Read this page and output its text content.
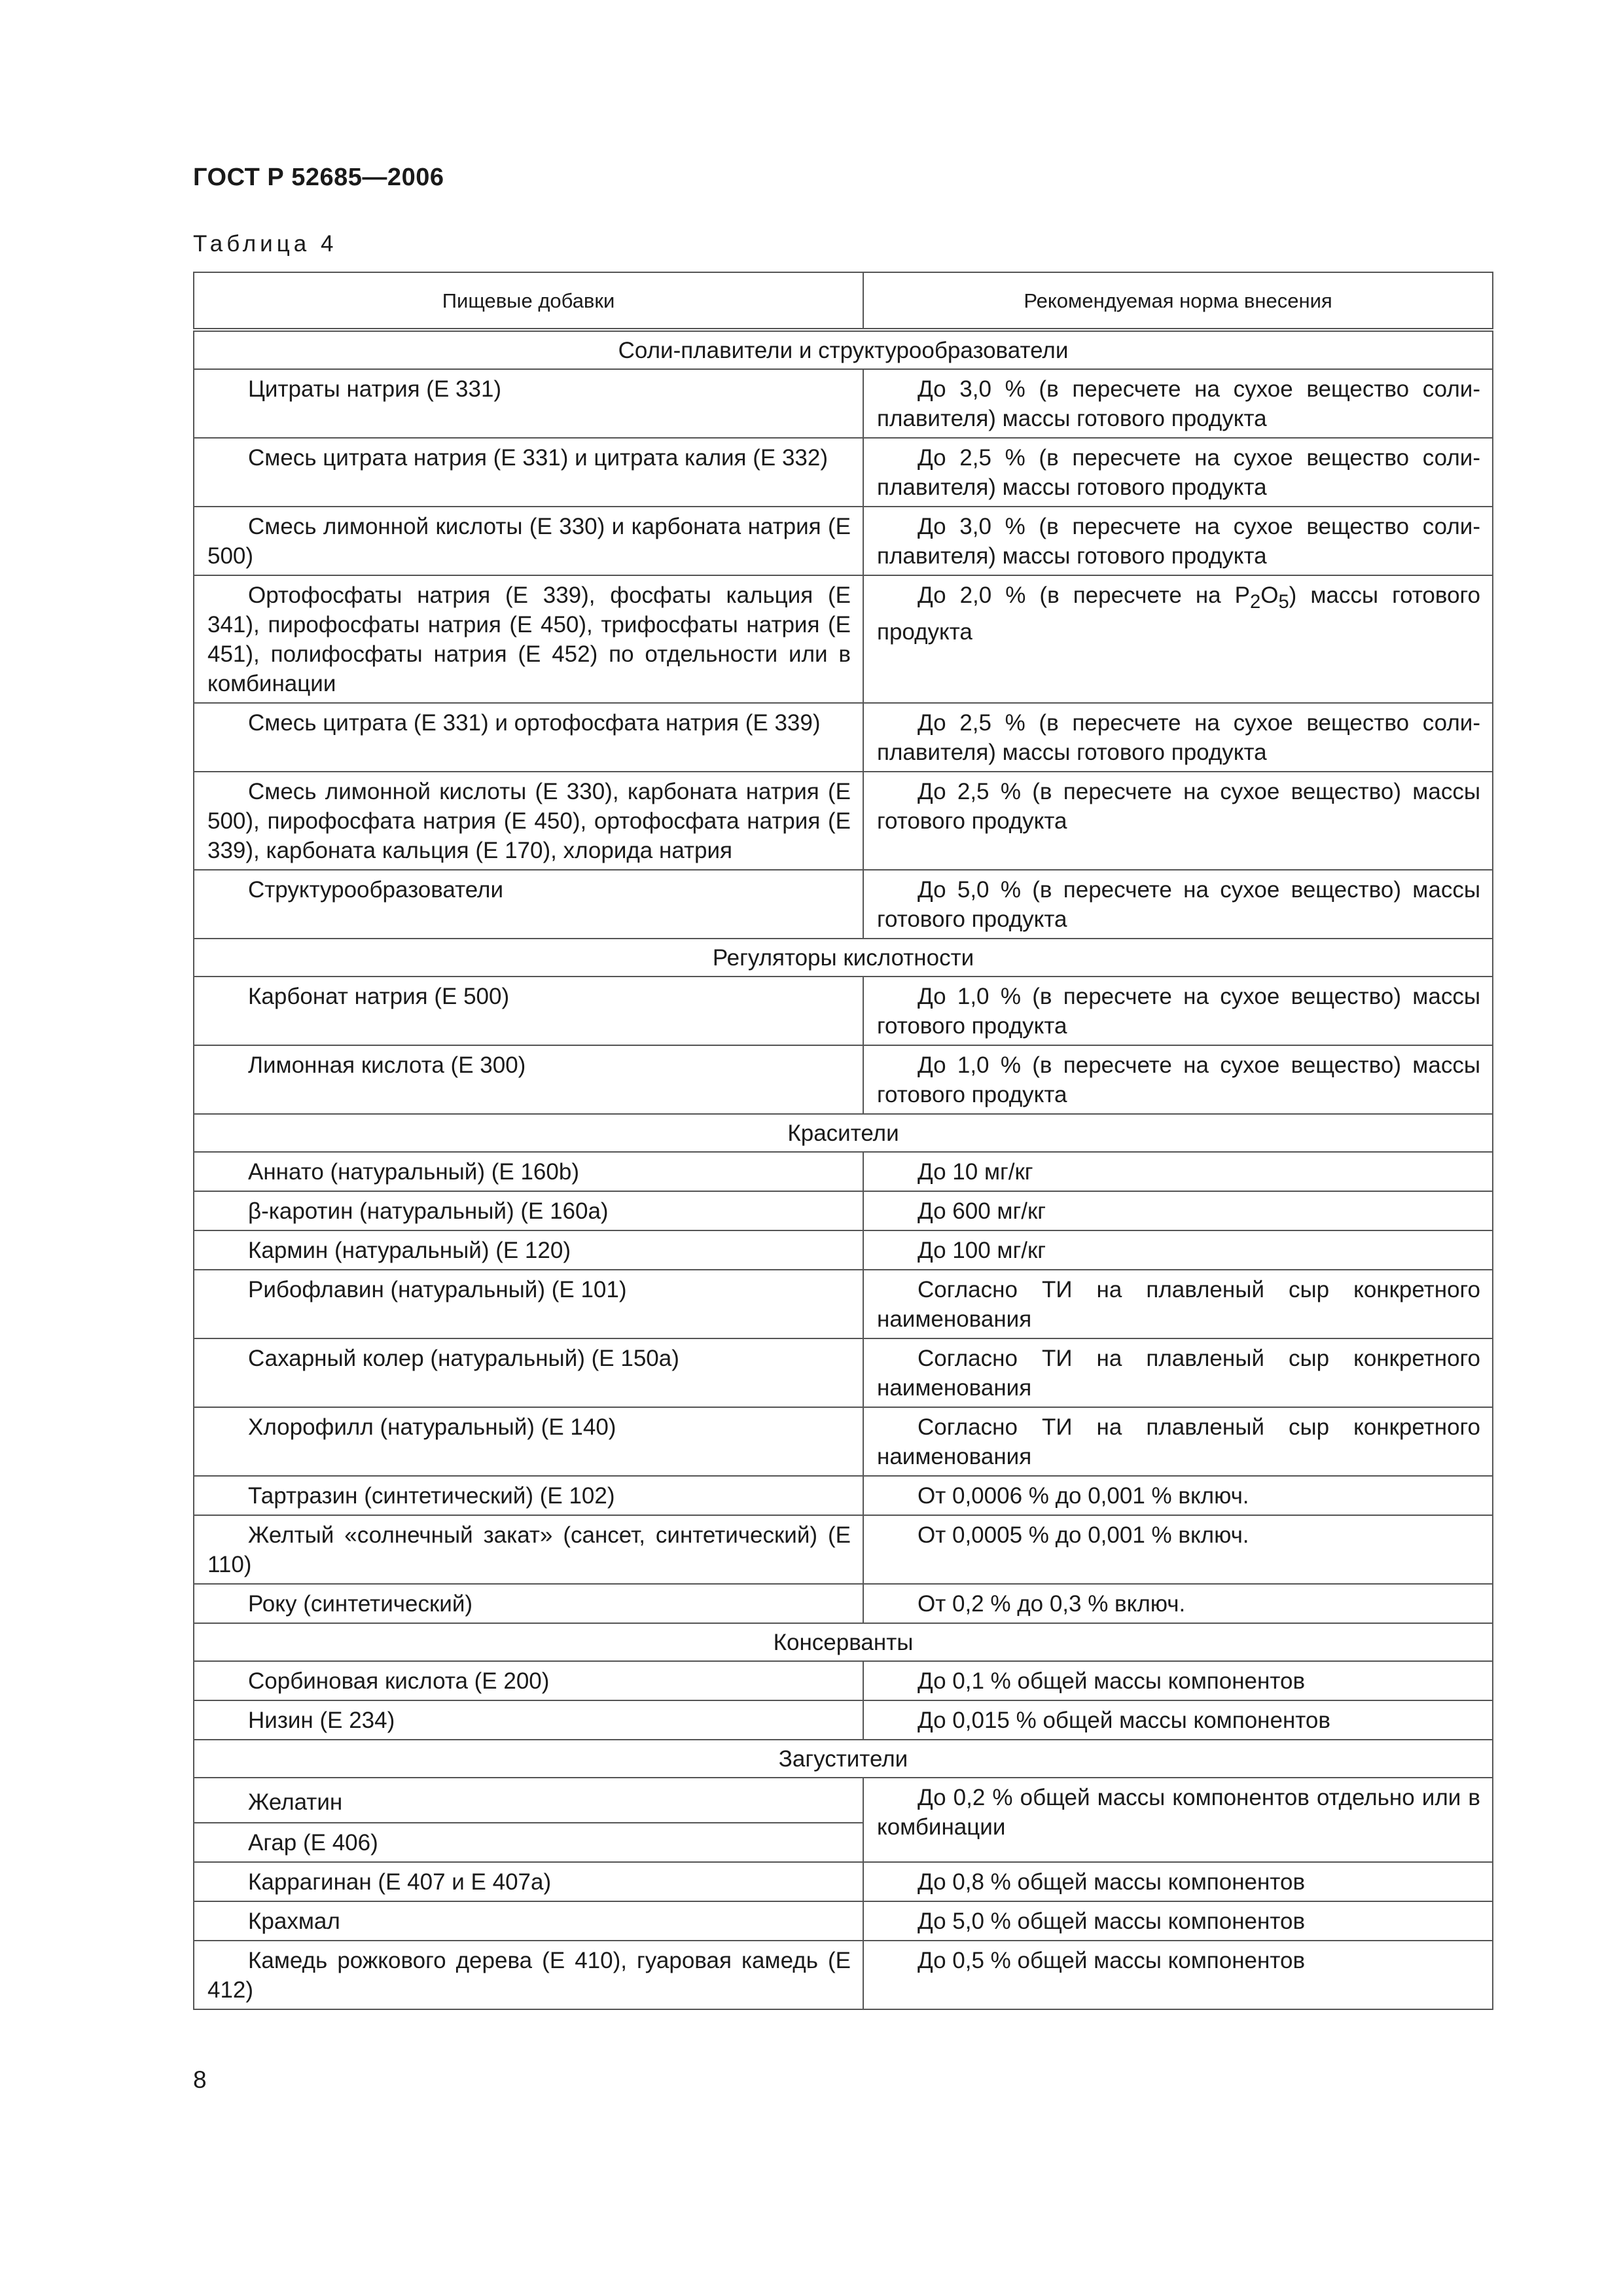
ГОСТ Р 52685—2006
Таблица 4
Пищевые добавки	Рекомендуемая норма внесения
Соли-плавители и структурообразователи	
Цитраты натрия (Е 331)	До 3,0 % (в пересчете на сухое вещество соли-плавителя) массы готового продукта
Смесь цитрата натрия (Е 331) и цитрата калия (Е 332)	До 2,5 % (в пересчете на сухое вещество соли-плавителя) массы готового продукта
Смесь лимонной кислоты (Е 330) и карбоната натрия (Е 500)	До 3,0 % (в пересчете на сухое вещество соли-плавителя) массы готового продукта
Ортофосфаты натрия (Е 339), фосфаты кальция (Е 341), пирофосфаты натрия (Е 450), трифосфаты натрия (Е 451), полифосфаты натрия (Е 452) по отдельности или в комбинации	До 2,0 % (в пересчете на $P_2O_5$) массы готового продукта
Смесь цитрата (Е 331) и ортофосфата натрия (Е 339)	До 2,5 % (в пересчете на сухое вещество соли-плавителя) массы готового продукта
Смесь лимонной кислоты (Е 330), карбоната натрия (Е 500), пирофосфата натрия (Е 450), ортофосфата натрия (Е 339), карбоната кальция (Е 170), хлорида натрия	До 2,5 % (в пересчете на сухое вещество) массы готового продукта
Структурообразователи	До 5,0 % (в пересчете на сухое вещество) массы готового продукта
Регуляторы кислотности	
Карбонат натрия (Е 500)	До 1,0 % (в пересчете на сухое вещество) массы готового продукта
Лимонная кислота (Е 300)	До 1,0 % (в пересчете на сухое вещество) массы готового продукта
Красители	
Аннато (натуральный) (Е 160b)	До 10 мг/кг
β-каротин (натуральный) (Е 160а)	До 600 мг/кг
Кармин (натуральный) (Е 120)	До 100 мг/кг
Рибофлавин (натуральный) (Е 101)	Согласно ТИ на плавленый сыр конкретного наименования
Сахарный колер (натуральный) (Е 150а)	Согласно ТИ на плавленый сыр конкретного наименования
Хлорофилл (натуральный) (Е 140)	Согласно ТИ на плавленый сыр конкретного наименования
Тартразин (синтетический) (Е 102)	От 0,0006 % до 0,001 % включ.
Желтый «солнечный закат» (сансет, синтетический) (Е 110)	От 0,0005 % до 0,001 % включ.
Року (синтетический)	От 0,2 % до 0,3 % включ.
Консерванты	
Сорбиновая кислота (Е 200)	До 0,1 % общей массы компонентов
Низин (Е 234)	До 0,015 % общей массы компонентов
Загустители	
Желатин	До 0,2 % общей массы компонентов отдельно или в комбинации
Агар (Е 406)	
Каррагинан (Е 407 и Е 407а)	До 0,8 % общей массы компонентов
Крахмал	До 5,0 % общей массы компонентов
Камедь рожкового дерева (Е 410), гуаровая камедь (Е 412)	До 0,5 % общей массы компонентов
8
